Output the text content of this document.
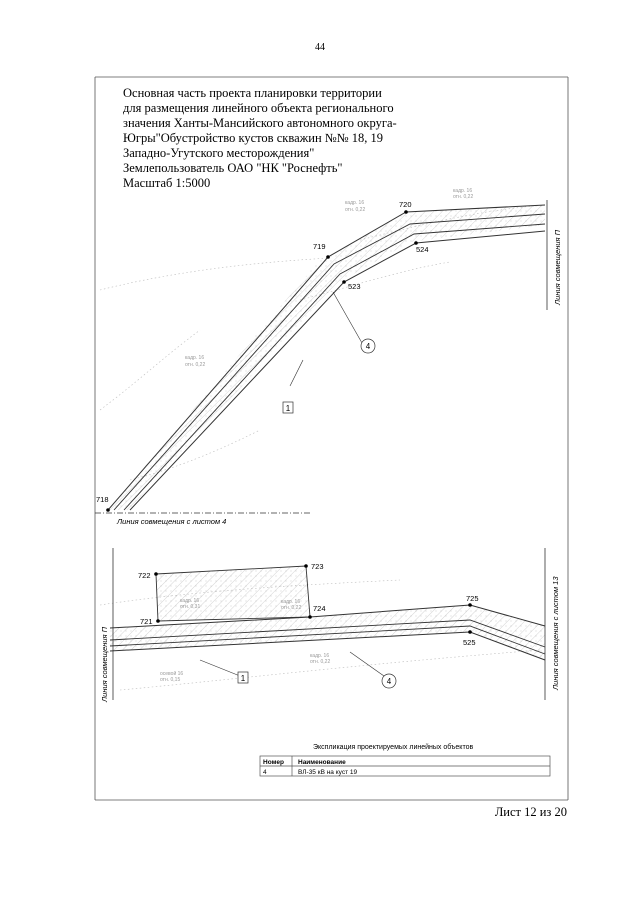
44
Основная часть проекта планировки территории
для размещения линейного объекта регионального
значения Ханты-Мансийского автономного округа-
Югры"Обустройство кустов скважин №№ 18, 19
Западно-Угутского месторождения"
Землепользователь ОАО "НК "Роснефть"
Масштаб 1:5000
719
720
523
524
718
1
4
кадр. 16
отн. 0,22
кадр. 16
отн. 0,22
кадр. 16
отн. 0,22
Линия совмещения с листом 4
Линия совмещения П
722
723
721
724
725
525
1	4
кадр. 16
отн. 0,31
кадр. 16
отн. 0,22
кадр. 16
отн. 0,22
осевой 16
отн. 0,15
Линия совмещения П	Линия совмещения с листом 13
Экспликация проектируемых линейных объектов
Номер Наименование
4	ВЛ-35 кВ на куст 19
Лист 12 из 20
